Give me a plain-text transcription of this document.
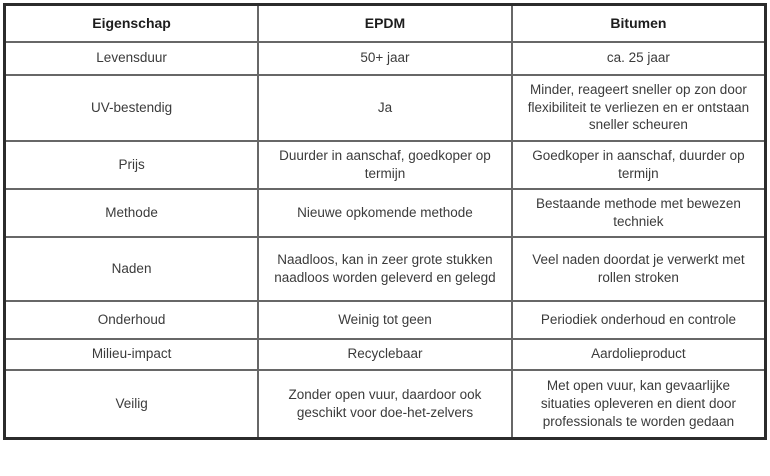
Eigenschap	EPDM	Bitumen
Levensduur	50+ jaar	ca. 25 jaar
UV-bestendig	Ja	Minder, reageert sneller op zon door flexibiliteit te verliezen en er ontstaan sneller scheuren
Prijs	Duurder in aanschaf, goedkoper op termijn	Goedkoper in aanschaf, duurder op termijn
Methode	Nieuwe opkomende methode	Bestaande methode met bewezen techniek
Naden	Naadloos, kan in zeer grote stukken naadloos worden geleverd en gelegd	Veel naden doordat je verwerkt met rollen stroken
Onderhoud	Weinig tot geen	Periodiek onderhoud en controle
Milieu-impact	Recyclebaar	Aardolieproduct
Veilig	Zonder open vuur, daardoor ook geschikt voor doe-het-zelvers	Met open vuur, kan gevaarlijke situaties opleveren en dient door professionals te worden gedaan
